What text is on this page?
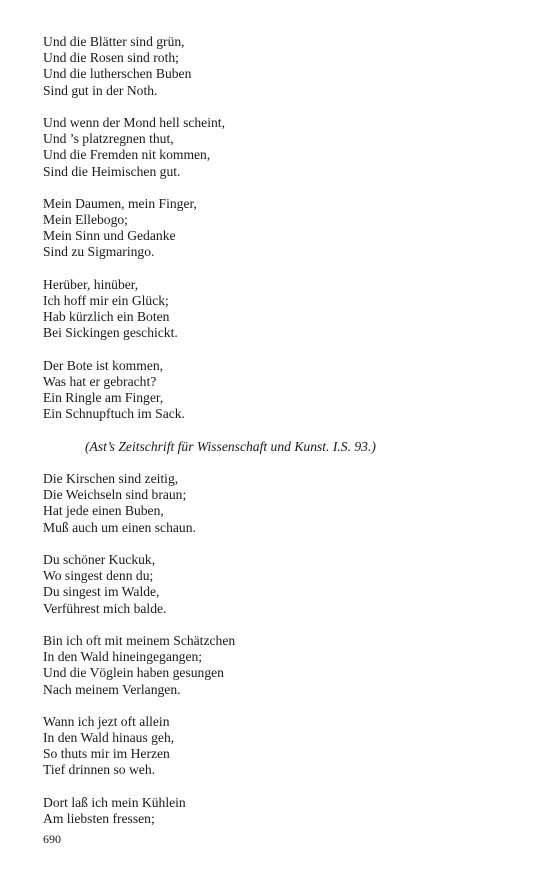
Und die Blätter sind grün,
Und die Rosen sind roth;
Und die lutherschen Buben
Sind gut in der Noth.
Und wenn der Mond hell scheint,
Und ’s platzregnen thut,
Und die Fremden nit kommen,
Sind die Heimischen gut.
Mein Daumen, mein Finger,
Mein Ellebogo;
Mein Sinn und Gedanke
Sind zu Sigmaringo.
Herüber, hinüber,
Ich hoff mir ein Glück;
Hab kürzlich ein Boten
Bei Sickingen geschickt.
Der Bote ist kommen,
Was hat er gebracht?
Ein Ringle am Finger,
Ein Schnupftuch im Sack.
(Ast’s Zeitschrift für Wissenschaft und Kunst. I.S. 93.)
Die Kirschen sind zeitig,
Die Weichseln sind braun;
Hat jede einen Buben,
Muß auch um einen schaun.
Du schöner Kuckuk,
Wo singest denn du;
Du singest im Walde,
Verführest mich balde.
Bin ich oft mit meinem Schätzchen
In den Wald hineingegangen;
Und die Vöglein haben gesungen
Nach meinem Verlangen.
Wann ich jezt oft allein
In den Wald hinaus geh,
So thuts mir im Herzen
Tief drinnen so weh.
Dort laß ich mein Kühlein
Am liebsten fressen;
690
